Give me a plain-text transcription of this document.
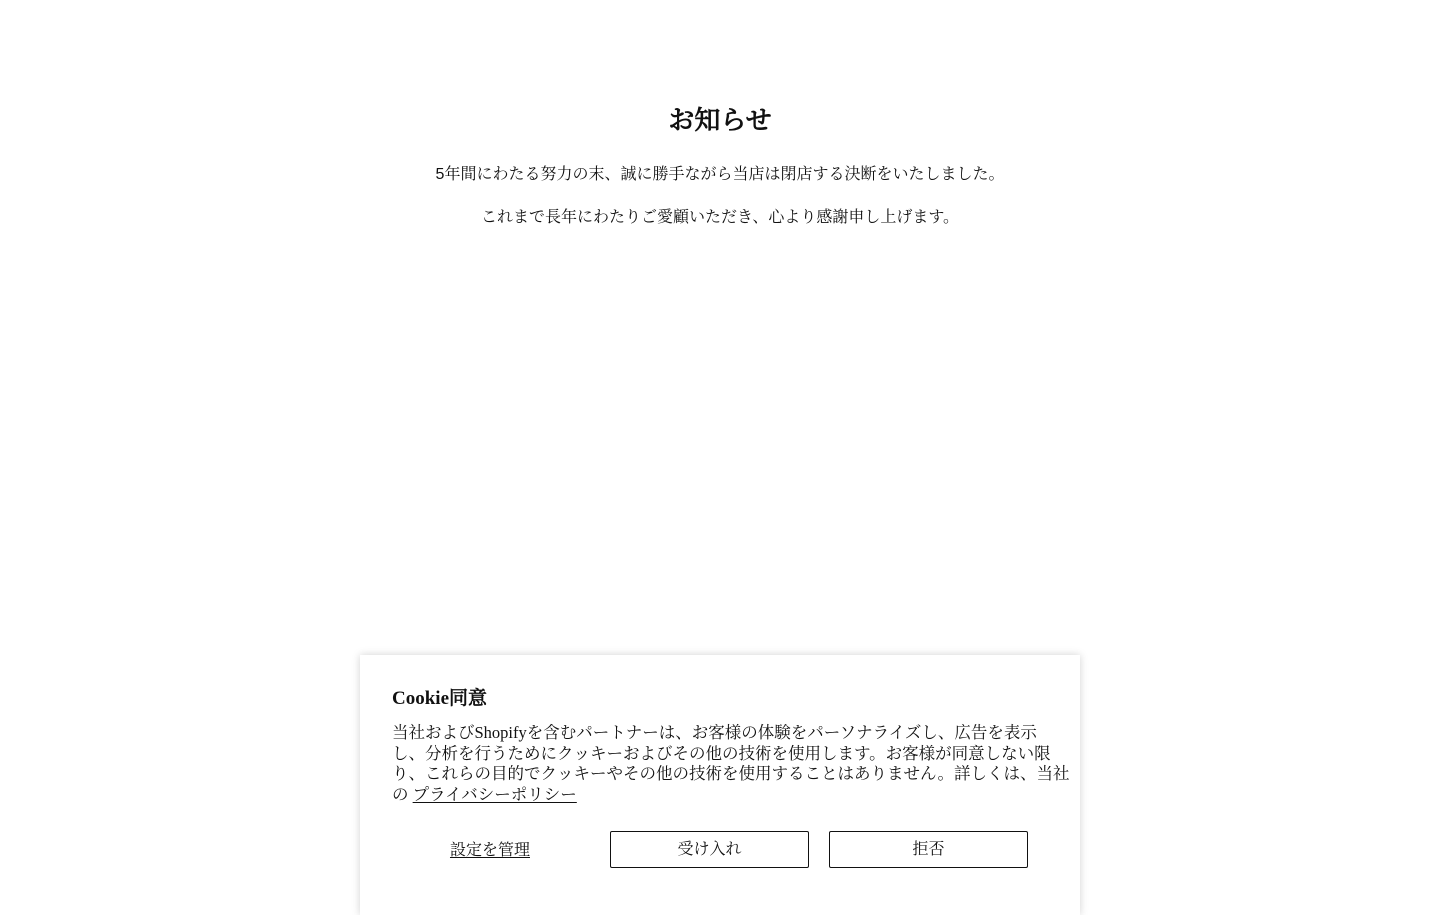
お知らせ

5年間にわたる努力の末、誠に勝手ながら当店は閉店する決断をいたしました。

これまで長年にわたりご愛顧いただき、心より感謝申し上げます。

Cookie同意

当社およびShopifyを含むパートナーは、お客様の体験をパーソナライズし、広告を表示
し、分析を行うためにクッキーおよびその他の技術を使用します。お客様が同意しない限
り、これらの目的でクッキーやその他の技術を使用することはありません。詳しくは、当社
の プライバシーポリシー

設定を管理	受け入れ	拒否
